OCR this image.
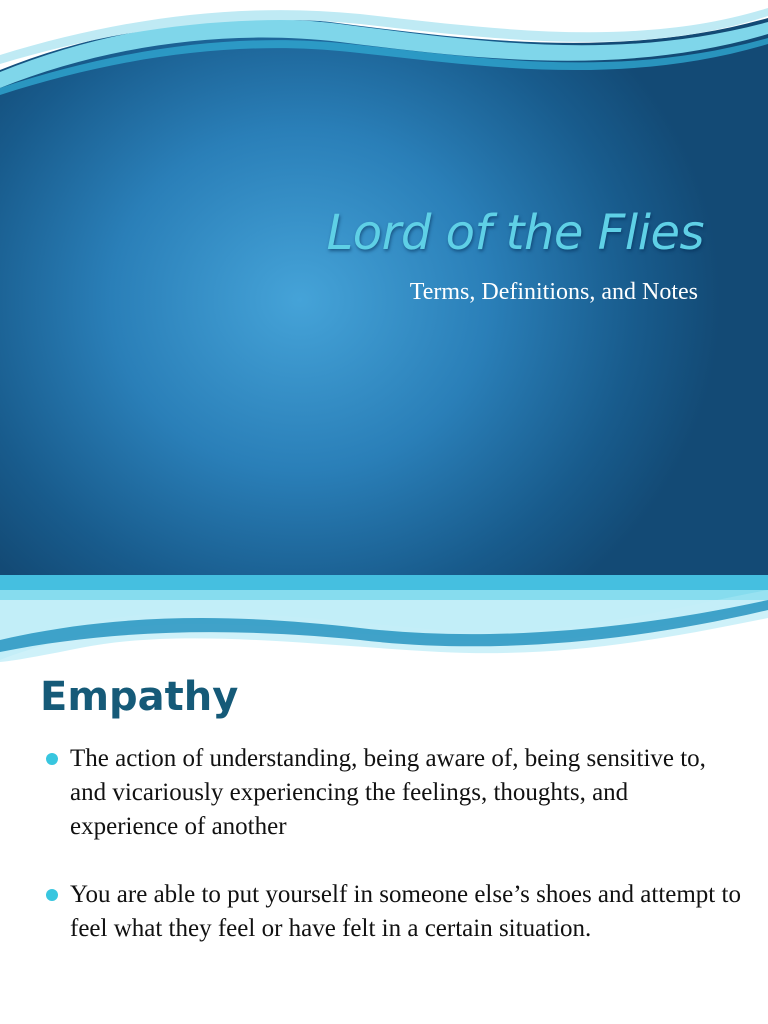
Lord of the Flies

Terms, Definitions, and Notes

Empathy
The action of understanding, being aware of, being sensitive to, and vicariously experiencing the feelings, thoughts, and experience of another
You are able to put yourself in someone else’s shoes and attempt to feel what they feel or have felt in a certain situation.
